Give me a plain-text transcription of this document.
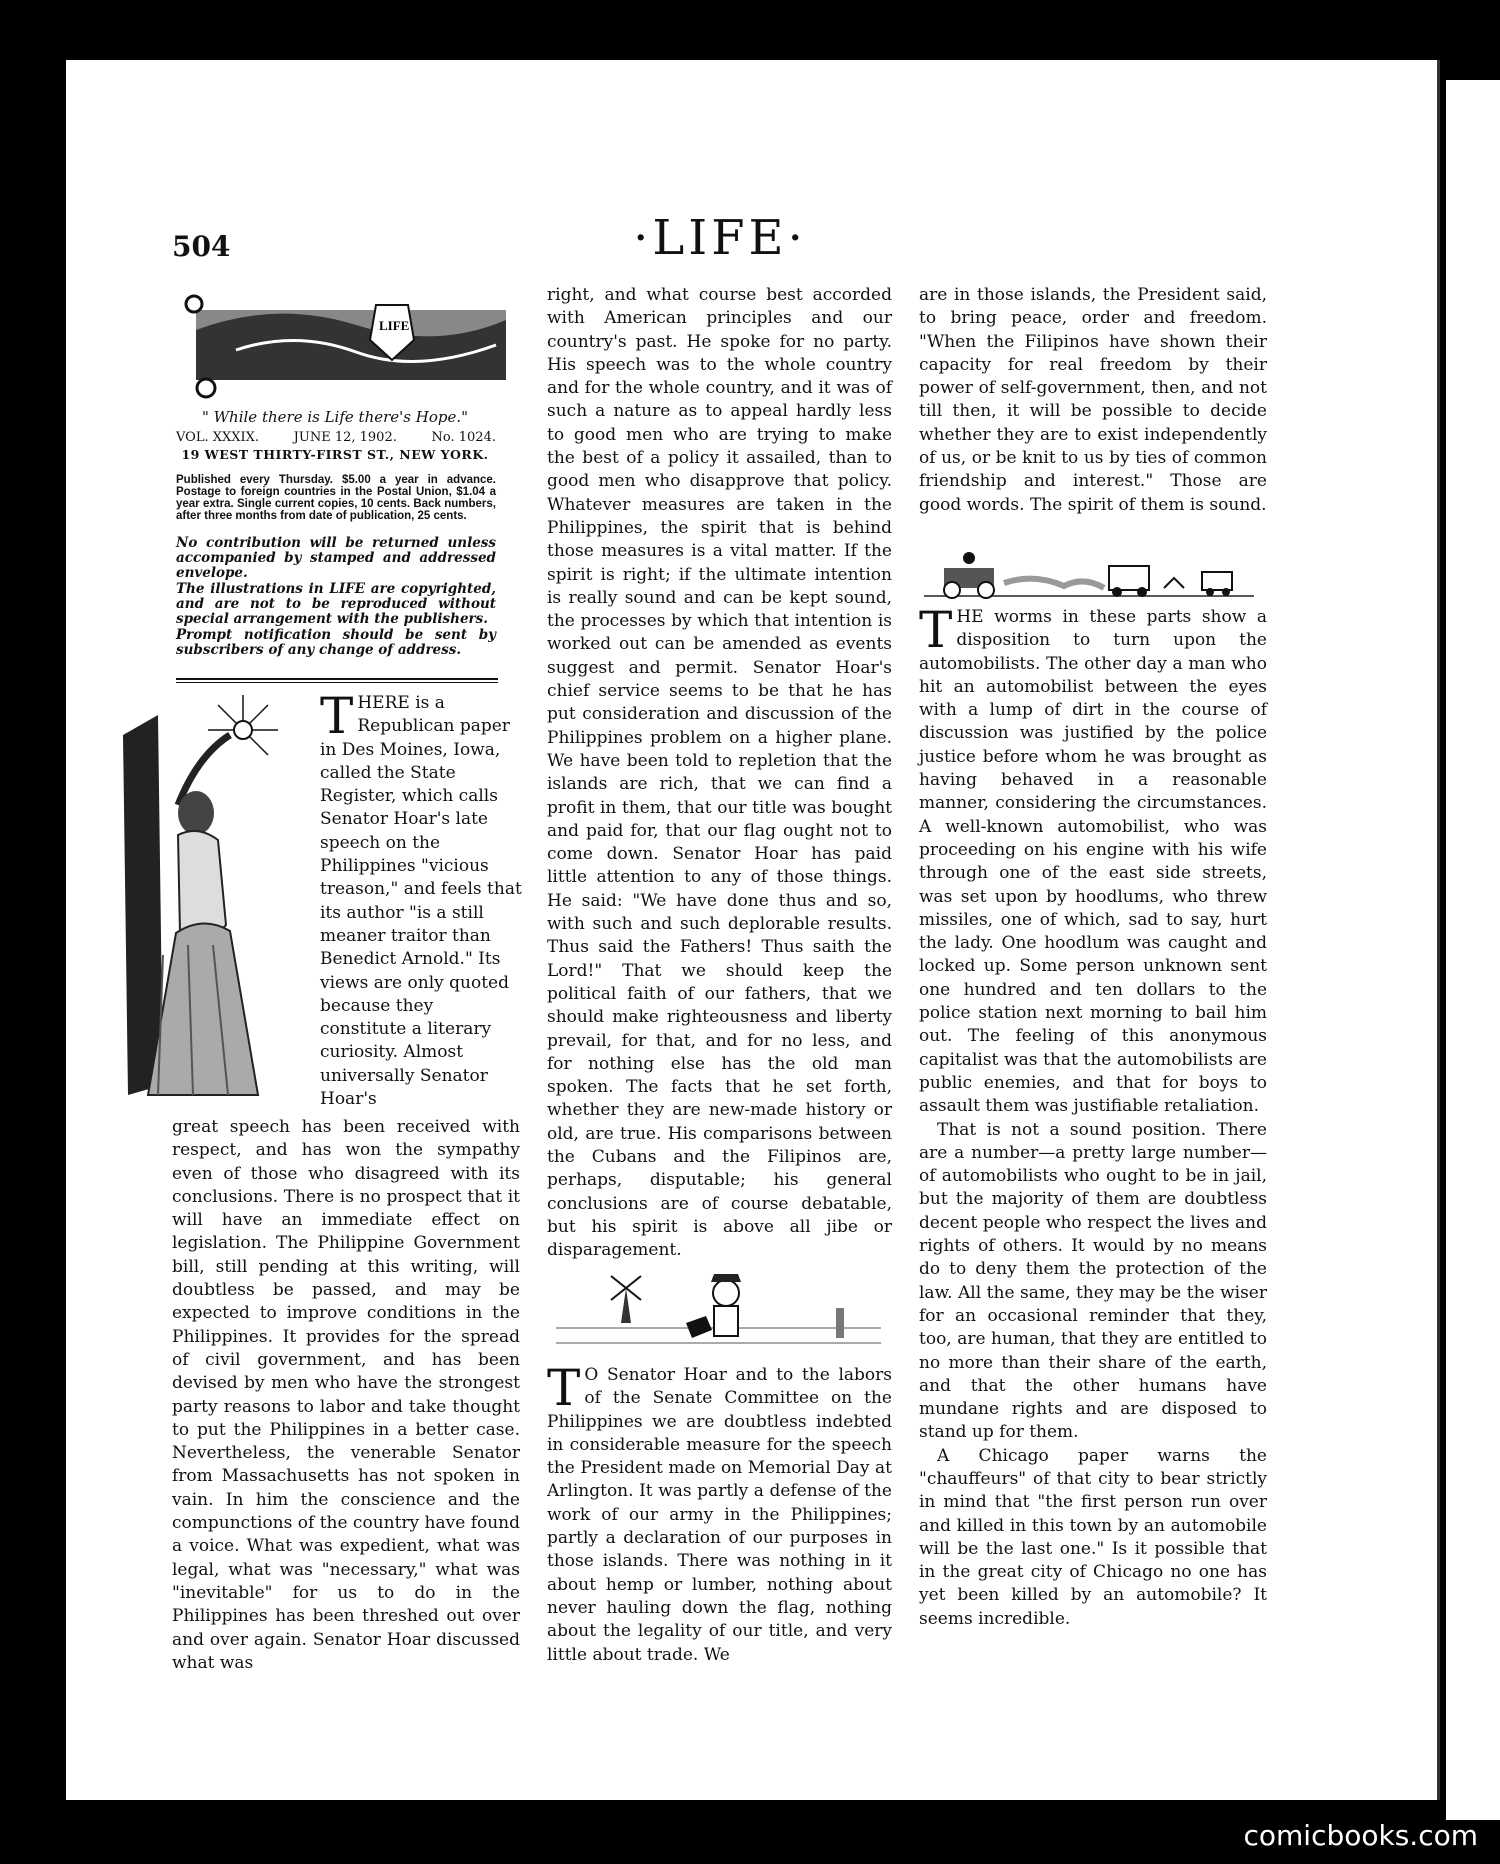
504	·LIFE·
LIFE
" While there is Life there's Hope."
VOL. XXXIX.	JUNE 12, 1902.	No. 1024.
19 WEST THIRTY-FIRST ST., NEW YORK.
Published every Thursday. $5.00 a year in advance. Postage to foreign countries in the Postal Union, $1.04 a year extra. Single current copies, 10 cents. Back numbers, after three months from date of publication, 25 cents.
No contribution will be returned unless accompanied by stamped and addressed envelope.
The illustrations in LIFE are copyrighted, and are not to be reproduced without special arrangement with the publishers.
Prompt notification should be sent by subscribers of any change of address.
THERE is a Republican paper in Des Moines, Iowa, called the State Register, which calls Senator Hoar's late speech on the Philippines "vicious treason," and feels that its author "is a still meaner traitor than Benedict Arnold." Its views are only quoted because they constitute a literary curiosity. Almost universally Senator Hoar's

great speech has been received with respect, and has won the sympathy even of those who disagreed with its conclusions. There is no prospect that it will have an immediate effect on legislation. The Philippine Government bill, still pending at this writing, will doubtless be passed, and may be expected to improve conditions in the Philippines. It provides for the spread of civil government, and has been devised by men who have the strongest party reasons to labor and take thought to put the Philippines in a better case. Nevertheless, the venerable Senator from Massachusetts has not spoken in vain. In him the conscience and the compunctions of the country have found a voice. What was expedient, what was legal, what was "necessary," what was "inevitable" for us to do in the Philippines has been threshed out over and over again. Senator Hoar discussed what was

right, and what course best accorded with American principles and our country's past. He spoke for no party. His speech was to the whole country and for the whole country, and it was of such a nature as to appeal hardly less to good men who are trying to make the best of a policy it assailed, than to good men who disapprove that policy. Whatever measures are taken in the Philippines, the spirit that is behind those measures is a vital matter. If the spirit is right; if the ultimate intention is really sound and can be kept sound, the processes by which that intention is worked out can be amended as events suggest and permit. Senator Hoar's chief service seems to be that he has put consideration and discussion of the Philippines problem on a higher plane. We have been told to repletion that the islands are rich, that we can find a profit in them, that our title was bought and paid for, that our flag ought not to come down. Senator Hoar has paid little attention to any of those things. He said: "We have done thus and so, with such and such deplorable results. Thus said the Fathers! Thus saith the Lord!" That we should keep the political faith of our fathers, that we should make righteousness and liberty prevail, for that, and for no less, and for nothing else has the old man spoken. The facts that he set forth, whether they are new-made history or old, are true. His comparisons between the Cubans and the Filipinos are, perhaps, disputable; his general conclusions are of course debatable, but his spirit is above all jibe or disparagement.

T O Senator Hoar and to the labors of the Senate Committee on the Philippines we are doubtless indebted in considerable measure for the speech the President made on Memorial Day at Arlington. It was partly a defense of the work of our army in the Philippines; partly a declaration of our purposes in those islands. There was nothing in it about hemp or lumber, nothing about never hauling down the flag, nothing about the legality of our title, and very little about trade. We

are in those islands, the President said, to bring peace, order and freedom. "When the Filipinos have shown their capacity for real freedom by their power of self-government, then, and not till then, it will be possible to decide whether they are to exist independently of us, or be knit to us by ties of common friendship and interest." Those are good words. The spirit of them is sound.

THE worms in these parts show a disposition to turn upon the automobilists. The other day a man who hit an automobilist between the eyes with a lump of dirt in the course of discussion was justified by the police justice before whom he was brought as having behaved in a reasonable manner, considering the circumstances. A well-known automobilist, who was proceeding on his engine with his wife through one of the east side streets, was set upon by hoodlums, who threw missiles, one of which, sad to say, hurt the lady. One hoodlum was caught and locked up. Some person unknown sent one hundred and ten dollars to the police station next morning to bail him out. The feeling of this anonymous capitalist was that the automobilists are public enemies, and that for boys to assault them was justifiable retaliation.

That is not a sound position. There are a number—a pretty large number—of automobilists who ought to be in jail, but the majority of them are doubtless decent people who respect the lives and rights of others. It would by no means do to deny them the protection of the law. All the same, they may be the wiser for an occasional reminder that they, too, are human, that they are entitled to no more than their share of the earth, and that the other humans have mundane rights and are disposed to stand up for them.

A Chicago paper warns the "chauffeurs" of that city to bear strictly in mind that "the first person run over and killed in this town by an automobile will be the last one." Is it possible that in the great city of Chicago no one has yet been killed by an automobile? It seems incredible.

comicbooks.com
